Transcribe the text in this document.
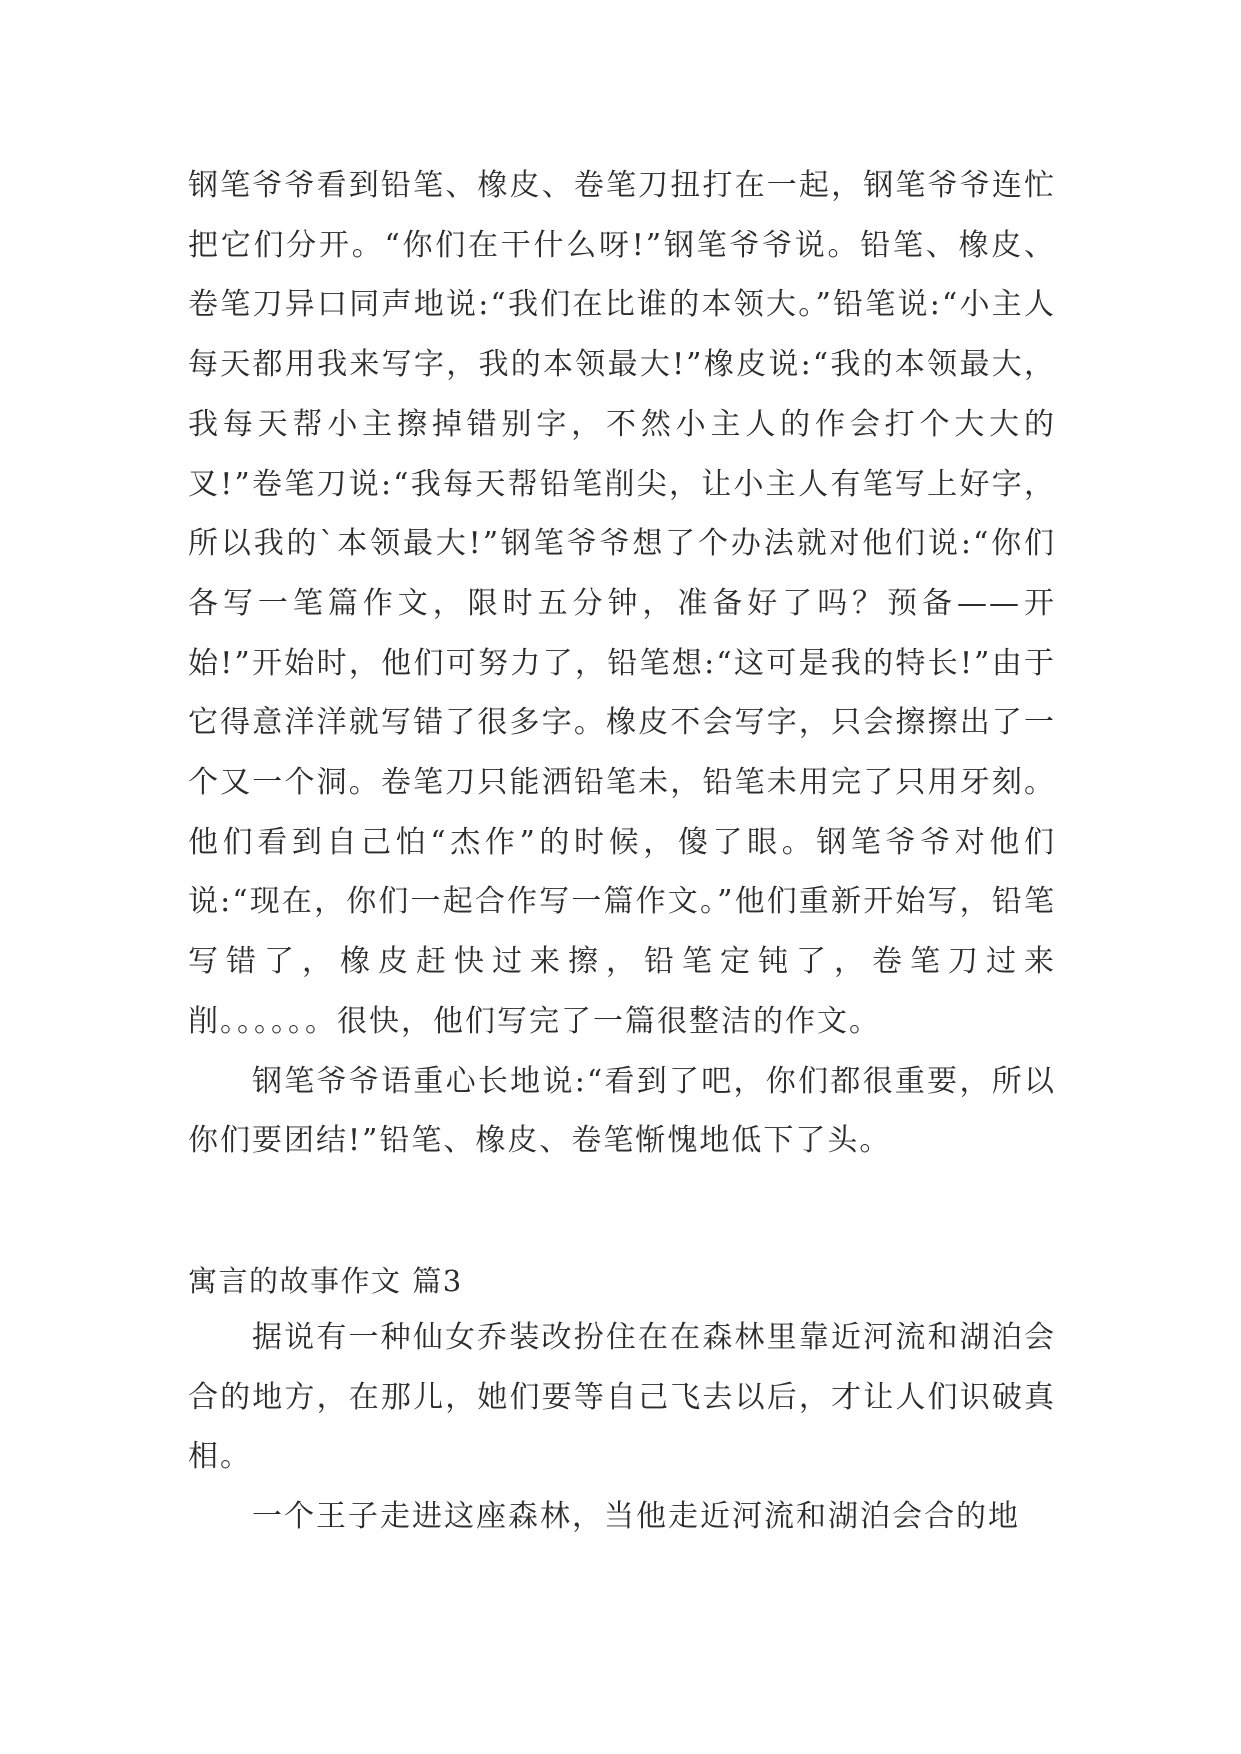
钢笔爷爷看到铅笔、橡皮、卷笔刀扭打在一起，钢笔爷爷连忙把它们分开。“你们在干什么呀!”钢笔爷爷说。铅笔、橡皮、卷笔刀异口同声地说:“我们在比谁的本领大。”铅笔说:“小主人每天都用我来写字，我的本领最大!”橡皮说:“我的本领最大，我每天帮小主擦掉错别字，不然小主人的作会打个大大的叉!”卷笔刀说:“我每天帮铅笔削尖，让小主人有笔写上好字，所以我的`本领最大!”钢笔爷爷想了个办法就对他们说:“你们各写一笔篇作文，限时五分钟，准备好了吗？预备——开始!”开始时，他们可努力了，铅笔想:“这可是我的特长!”由于它得意洋洋就写错了很多字。橡皮不会写字，只会擦擦出了一个又一个洞。卷笔刀只能洒铅笔未，铅笔未用完了只用牙刻。他们看到自己怕“杰作”的时候，傻了眼。钢笔爷爷对他们说:“现在，你们一起合作写一篇作文。”他们重新开始写，铅笔写错了，橡皮赶快过来擦，铅笔定钝了，卷笔刀过来削。。。。。。很快，他们写完了一篇很整洁的作文。

钢笔爷爷语重心长地说:“看到了吧，你们都很重要，所以你们要团结!”铅笔、橡皮、卷笔惭愧地低下了头。

寓言的故事作文 篇3

据说有一种仙女乔装改扮住在在森林里靠近河流和湖泊会合的地方，在那儿，她们要等自己飞去以后，才让人们识破真相。

一个王子走进这座森林，当他走近河流和湖泊会合的地
